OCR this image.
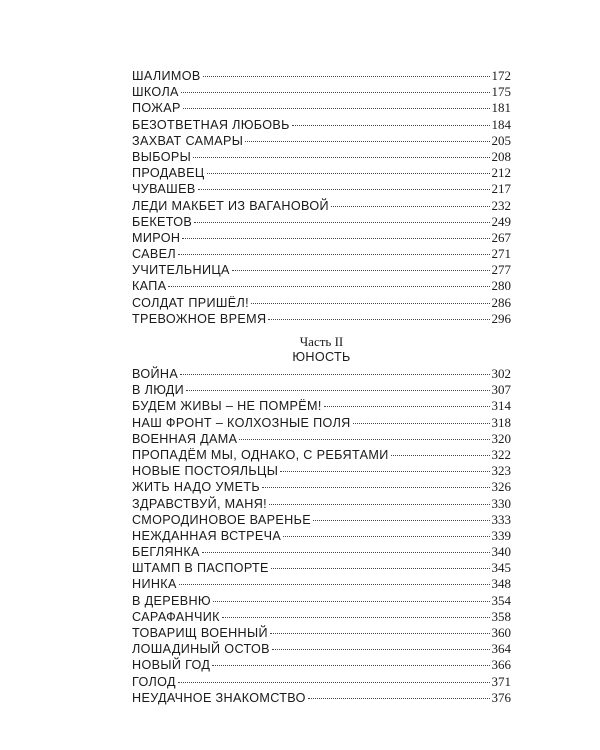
ШАЛИМОВ	172
ШКОЛА	175
ПОЖАР	181
БЕЗОТВЕТНАЯ ЛЮБОВЬ	184
ЗАХВАТ САМАРЫ	205
ВЫБОРЫ	208
ПРОДАВЕЦ	212
ЧУВАШЕВ	217
ЛЕДИ МАКБЕТ ИЗ ВАГАНОВОЙ	232
БЕКЕТОВ	249
МИРОН	267
САВЕЛ	271
УЧИТЕЛЬНИЦА	277
КАПА	280
СОЛДАТ ПРИШЁЛ!	286
ТРЕВОЖНОЕ ВРЕМЯ	296
Часть II
ЮНОСТЬ
ВОЙНА	302
В ЛЮДИ	307
БУДЕМ ЖИВЫ – НЕ ПОМРЁМ!	314
НАШ ФРОНТ – КОЛХОЗНЫЕ ПОЛЯ	318
ВОЕННАЯ ДАМА	320
ПРОПАДЁМ МЫ, ОДНАКО, С РЕБЯТАМИ	322
НОВЫЕ ПОСТОЯЛЬЦЫ	323
ЖИТЬ НАДО УМЕТЬ	326
ЗДРАВСТВУЙ, МАНЯ!	330
СМОРОДИНОВОЕ ВАРЕНЬЕ	333
НЕЖДАННАЯ ВСТРЕЧА	339
БЕГЛЯНКА	340
ШТАМП В ПАСПОРТЕ	345
НИНКА	348
В ДЕРЕВНЮ	354
САРАФАНЧИК	358
ТОВАРИЩ ВОЕННЫЙ	360
ЛОШАДИНЫЙ ОСТОВ	364
НОВЫЙ ГОД	366
ГОЛОД	371
НЕУДАЧНОЕ ЗНАКОМСТВО	376
